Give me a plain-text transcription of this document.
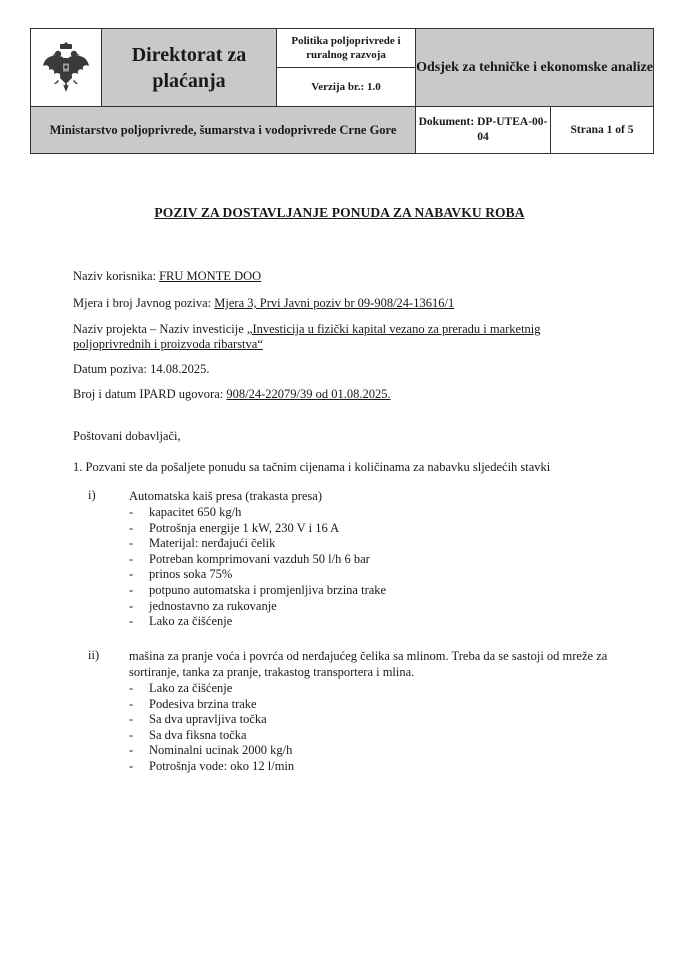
Direktorat za plaćanja
Politika poljoprivrede i ruralnog razvoja
Verzija br.: 1.0
Odsjek za tehničke i ekonomske analize
Ministarstvo poljoprivrede, šumarstva i vodoprivrede Crne Gore
Dokument: DP-UTEA-00-04
Strana 1 of 5
POZIV ZA DOSTAVLJANJE PONUDA ZA NABAVKU ROBA
Naziv korisnika: FRU MONTE DOO
Mjera i broj Javnog poziva: Mjera 3, Prvi Javni poziv br 09-908/24-13616/1
Naziv projekta – Naziv investicije „Investicija u fizički kapital vezano za preradu i marketnig
poljoprivrednih i proizvoda ribarstva“
Datum poziva: 14.08.2025.
Broj i datum IPARD ugovora: 908/24-22079/39 od 01.08.2025.
Poštovani dobavljači,
1. Pozvani ste da pošaljete ponudu sa tačnim cijenama i količinama za nabavku sljedećih stavki
i)	Automatska kaiš presa (trakasta presa)
-	kapacitet 650 kg/h
-	Potrošnja energije 1 kW, 230 V i 16 A
-	Materijal: nerđajući čelik
-	Potreban komprimovani vazduh 50 l/h 6 bar
-	prinos soka 75%
-	potpuno automatska i promjenljiva brzina trake
-	jednostavno za rukovanje
-	Lako za čišćenje
ii) mašina za pranje voća i povrća od nerđajućeg čelika sa mlinom. Treba da se sastoji od mreže za sortiranje, tanka za pranje, trakastog transportera i mlina.
-	Lako za čišćenje
-	Podesiva brzina trake
-	Sa dva upravljiva točka
-	Sa dva fiksna točka
-	Nominalni ucinak 2000 kg/h
-	Potrošnja vode: oko 12 l/min
